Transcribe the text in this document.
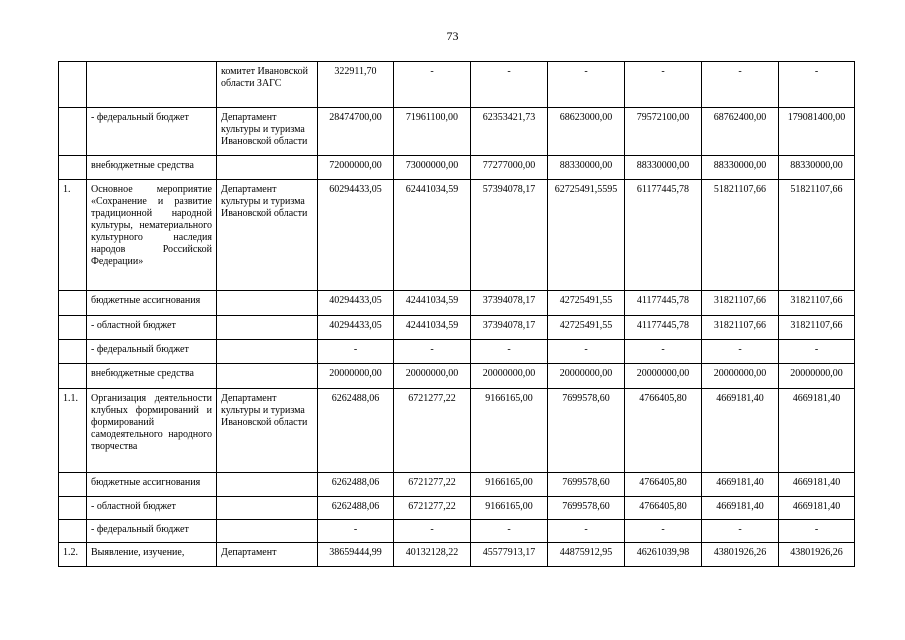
73
		комитет Ивановской области ЗАГС	322911,70	-	-	-	-	-	-
	- федеральный бюджет	Департамент культуры и туризма Ивановской области	28474700,00	71961100,00	62353421,73	68623000,00	79572100,00	68762400,00	179081400,00
	внебюджетные средства		72000000,00	73000000,00	77277000,00	88330000,00	88330000,00	88330000,00	88330000,00
1.	Основное мероприятие «Сохранение и развитие традиционной народной культуры, нематериального культурного наследия народов Российской Федерации»	Департамент культуры и туризма Ивановской области	60294433,05	62441034,59	57394078,17	62725491,5595	61177445,78	51821107,66	51821107,66
	бюджетные ассигнования		40294433,05	42441034,59	37394078,17	42725491,55	41177445,78	31821107,66	31821107,66
	- областной бюджет		40294433,05	42441034,59	37394078,17	42725491,55	41177445,78	31821107,66	31821107,66
	- федеральный бюджет		-	-	-	-	-	-	-
	внебюджетные средства		20000000,00	20000000,00	20000000,00	20000000,00	20000000,00	20000000,00	20000000,00
1.1.	Организация деятельности клубных формирований и формирований самодеятельного народного творчества	Департамент культуры и туризма Ивановской области	6262488,06	6721277,22	9166165,00	7699578,60	4766405,80	4669181,40	4669181,40
	бюджетные ассигнования		6262488,06	6721277,22	9166165,00	7699578,60	4766405,80	4669181,40	4669181,40
	- областной бюджет		6262488,06	6721277,22	9166165,00	7699578,60	4766405,80	4669181,40	4669181,40
	- федеральный бюджет		-	-	-	-	-	-	-
1.2.	Выявление, изучение,	Департамент	38659444,99	40132128,22	45577913,17	44875912,95	46261039,98	43801926,26	43801926,26
